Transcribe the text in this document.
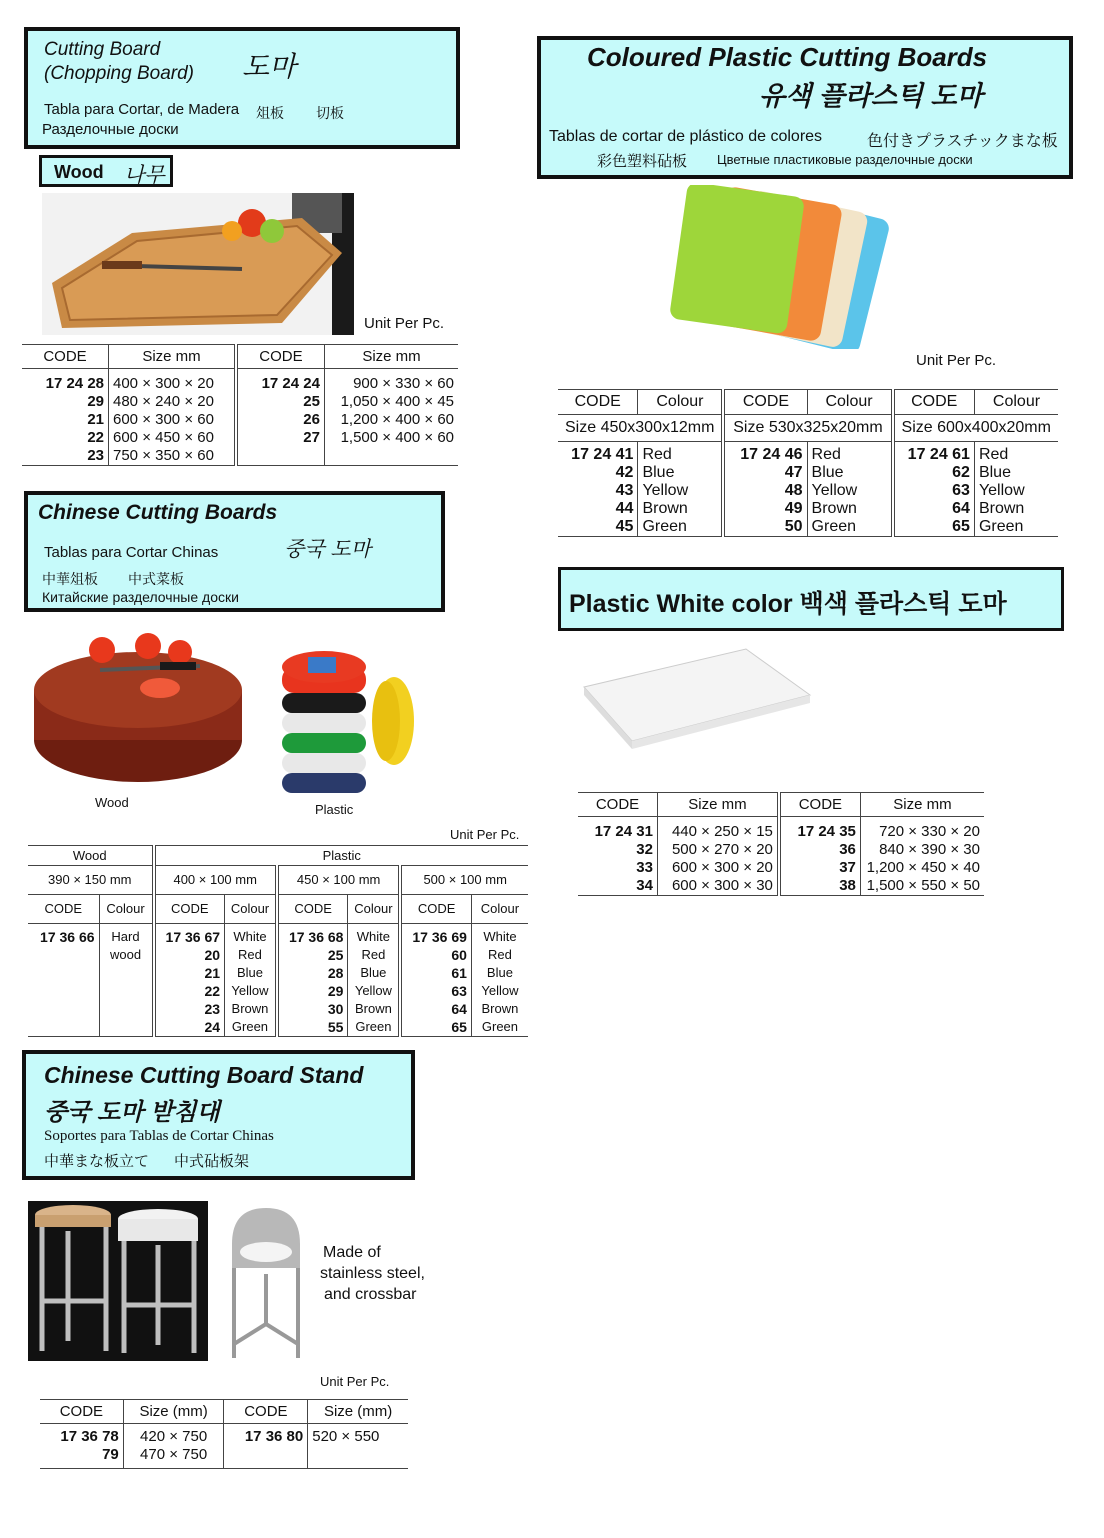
Cutting Board
(Chopping Board) 도마
Tabla para Cortar, de Madera 俎板 切板
Разделочные доски
Wood 나무
Unit Per Pc.
CODE	Size mm	CODE	Size mm

17 24 28	400 × 300 × 20	17 24 24	900 × 330 × 60
29	480 × 240 × 20	25	1,050 × 400 × 45
21	600 × 300 × 60	26	1,200 × 400 × 60
22	600 × 450 × 60	27	1,500 × 400 × 60
23	750 × 350 × 60		
Coloured Plastic Cutting Boards
유색 플라스틱 도마
Tablas de cortar de plástico de colores	色付きプラスチックまな板
彩色塑料砧板 Цветные пластиковые разделочные доски
Unit Per Pc.
CODE	Colour	CODE	Colour	CODE	Colour
Size 450x300x12mm		Size 530x325x20mm		Size 600x400x20mm	

17 24 41	Red	17 24 46	Red	17 24 61	Red
42	Blue	47	Blue	62	Blue
43	Yellow	48	Yellow	63	Yellow
44	Brown	49	Brown	64	Brown
45	Green	50	Green	65	Green
Chinese Cutting Boards
중국 도마
Tablas para Cortar Chinas
中華俎板 中式菜板
Китайские разделочные доски
Wood	Plastic
Unit Per Pc.
Wood		Plastic					
390 × 150 mm		400 × 100 mm		450 × 100 mm		500 × 100 mm	
CODE	Colour	CODE	Colour	CODE	Colour	CODE	Colour

17 36 66	Hard	17 36 67	White	17 36 68	White	17 36 69	White
	wood	20	Red	25	Red	60	Red
		21	Blue	28	Blue	61	Blue
		22	Yellow	29	Yellow	63	Yellow
		23	Brown	30	Brown	64	Brown
		24	Green	55	Green	65	Green
Plastic White color 백색 플라스틱 도마
CODE	Size mm	CODE	Size mm

17 24 31	440 × 250 × 15	17 24 35	720 × 330 × 20
32	500 × 270 × 20	36	840 × 390 × 30
33	600 × 300 × 20	37	1,200 × 450 × 40
34	600 × 300 × 30	38	1,500 × 550 × 50
Chinese Cutting Board Stand
중국 도마 받침대
Soportes para Tablas de Cortar Chinas
中華まな板立て 中式砧板架
Made of
stainless steel,
and crossbar
Unit Per Pc.
CODE	Size (mm)	CODE	Size (mm)

17 36 78	420 × 750	17 36 80	520 × 550
79	470 × 750		
